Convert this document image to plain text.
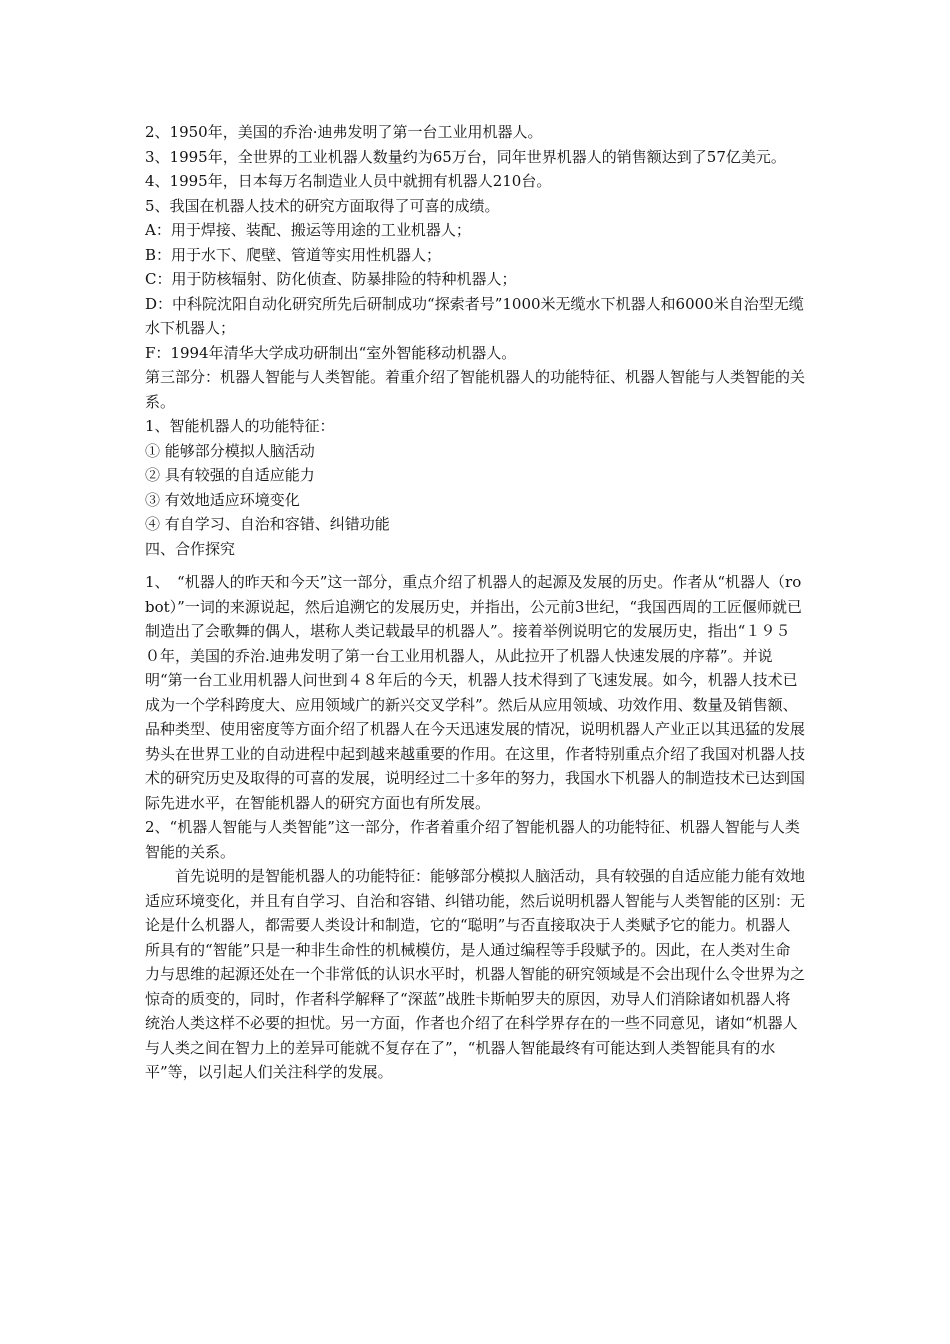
2、1950年，美国的乔治·迪弗发明了第一台工业用机器人。

3、1995年，全世界的工业机器人数量约为65万台，同年世界机器人的销售额达到了57亿美元。

4、1995年，日本每万名制造业人员中就拥有机器人210台。

5、我国在机器人技术的研究方面取得了可喜的成绩。

A：用于焊接、装配、搬运等用途的工业机器人；

B：用于水下、爬壁、管道等实用性机器人；

C：用于防核辐射、防化侦查、防暴排险的特种机器人；

D：中科院沈阳自动化研究所先后研制成功“探索者号”1000米无缆水下机器人和6000米自治型无缆水下机器人；

F：1994年清华大学成功研制出“室外智能移动机器人。

第三部分：机器人智能与人类智能。着重介绍了智能机器人的功能特征、机器人智能与人类智能的关系。

1、智能机器人的功能特征：

① 能够部分模拟人脑活动

② 具有较强的自适应能力

③ 有效地适应环境变化

④ 有自学习、自治和容错、纠错功能

四、合作探究

1、　“机器人的昨天和今天”这一部分，重点介绍了机器人的起源及发展的历史。作者从“机器人（robot）”一词的来源说起，然后追溯它的发展历史，并指出，公元前3世纪，“我国西周的工匠偃师就已制造出了会歌舞的偶人，堪称人类记载最早的机器人”。接着举例说明它的发展历史，指出“１９５０年，美国的乔治.迪弗发明了第一台工业用机器人，从此拉开了机器人快速发展的序幕”。并说明“第一台工业用机器人问世到４８年后的今天，机器人技术得到了飞速发展。如今，机器人技术已成为一个学科跨度大、应用领域广的新兴交叉学科”。然后从应用领域、功效作用、数量及销售额、品种类型、使用密度等方面介绍了机器人在今天迅速发展的情况，说明机器人产业正以其迅猛的发展势头在世界工业的自动进程中起到越来越重要的作用。在这里，作者特别重点介绍了我国对机器人技术的研究历史及取得的可喜的发展，说明经过二十多年的努力，我国水下机器人的制造技术已达到国际先进水平，在智能机器人的研究方面也有所发展。

2、“机器人智能与人类智能”这一部分，作者着重介绍了智能机器人的功能特征、机器人智能与人类智能的关系。

首先说明的是智能机器人的功能特征：能够部分模拟人脑活动，具有较强的自适应能力能有效地适应环境变化，并且有自学习、自治和容错、纠错功能，然后说明机器人智能与人类智能的区别：无论是什么机器人，都需要人类设计和制造，它的“聪明”与否直接取决于人类赋予它的能力。机器人所具有的“智能”只是一种非生命性的机械模仿，是人通过编程等手段赋予的。因此，在人类对生命力与思维的起源还处在一个非常低的认识水平时，机器人智能的研究领域是不会出现什么令世界为之惊奇的质变的，同时，作者科学解释了“深蓝”战胜卡斯帕罗夫的原因，劝导人们消除诸如机器人将统治人类这样不必要的担忧。另一方面，作者也介绍了在科学界存在的一些不同意见，诸如“机器人与人类之间在智力上的差异可能就不复存在了”，“机器人智能最终有可能达到人类智能具有的水平”等，以引起人们关注科学的发展。
